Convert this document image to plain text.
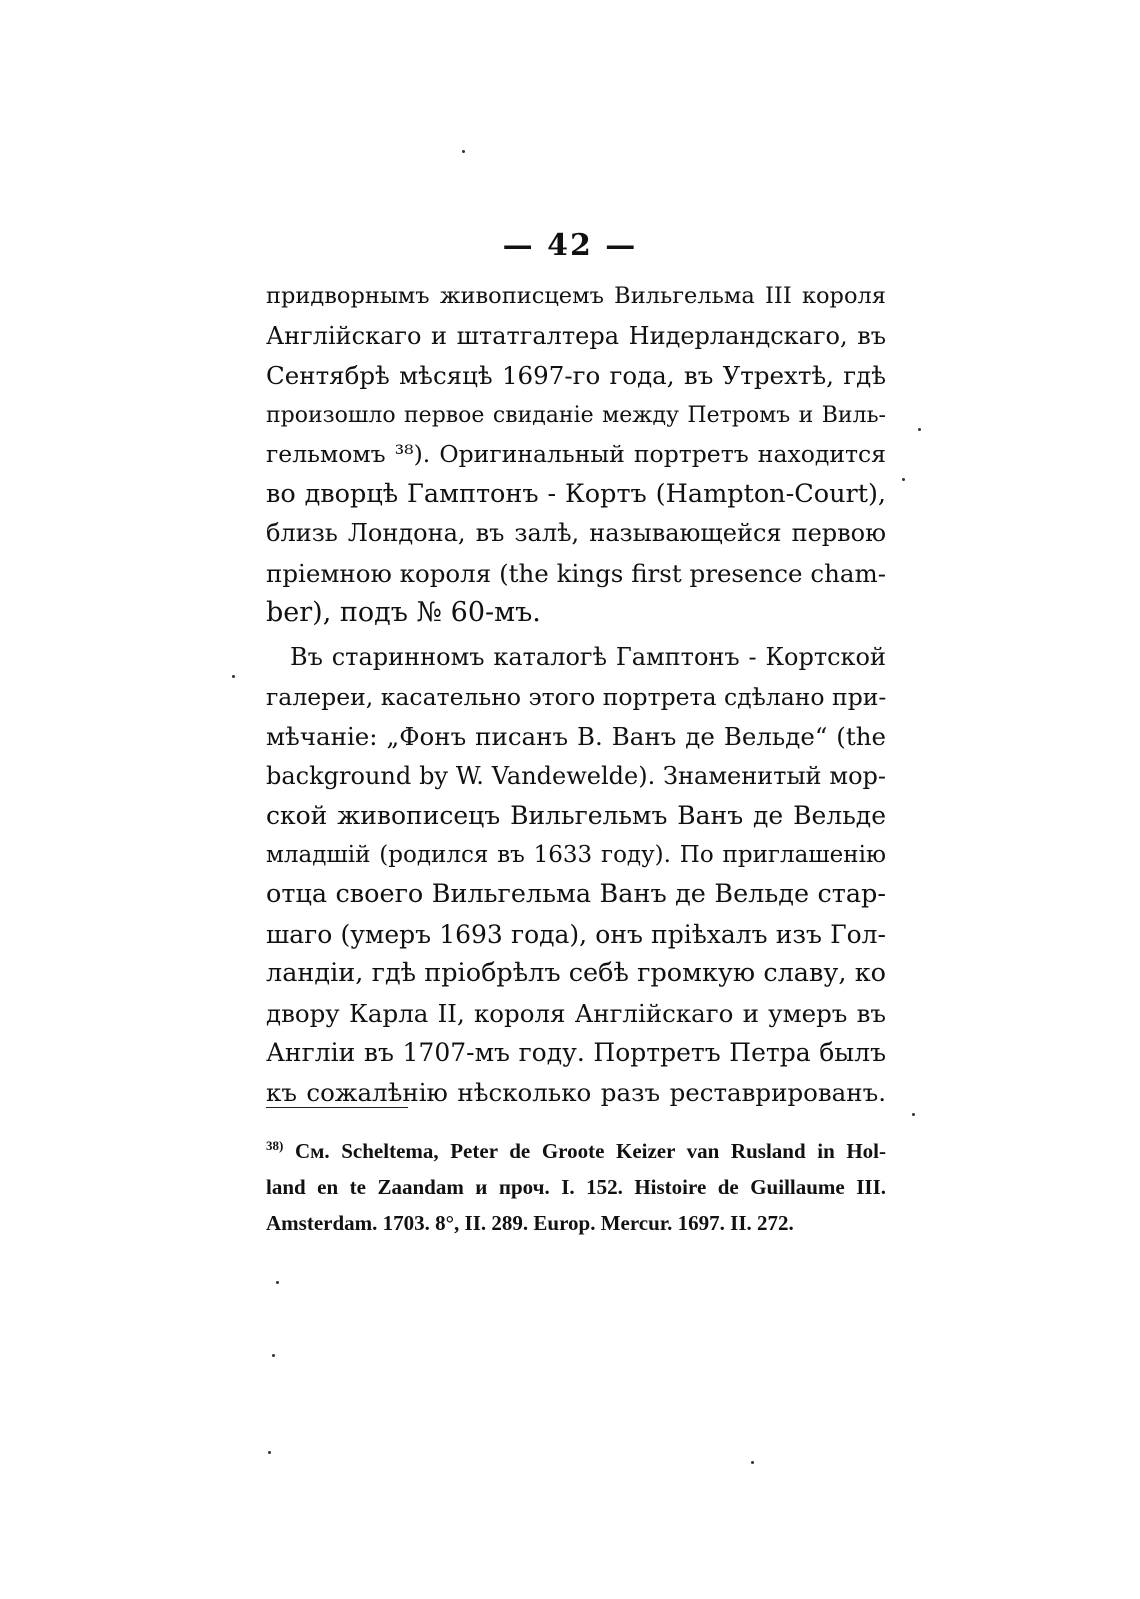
— 42 —
придворнымъ живописцемъ Вильгельма III короля
Англійскаго и штатгалтера Нидерландскаго, въ
Сентябрѣ мѣсяцѣ 1697-го года, въ Утрехтѣ, гдѣ
произошло первое свиданіе между Петромъ и Виль-
гельмомъ ³⁸). Оригинальный портретъ находится
во дворцѣ Гамптонъ - Кортъ (Hampton-Court),
близь Лондона, въ залѣ, называющейся первою
пріемною короля (the kings first presence cham-
ber), подъ № 60-мъ.
Въ старинномъ каталогѣ Гамптонъ - Кортской
галереи, касательно этого портрета сдѣлано при-
мѣчаніе: „Фонъ писанъ В. Ванъ де Вельде“ (the
background by W. Vandewelde). Знаменитый мор-
ской живописецъ Вильгельмъ Ванъ де Вельде
младшій (родился въ 1633 году). По приглашенію
отца своего Вильгельма Ванъ де Вельде стар-
шаго (умеръ 1693 года), онъ пріѣхалъ изъ Гол-
ландіи, гдѣ пріобрѣлъ себѣ громкую славу, ко
двору Карла II, короля Англійскаго и умеръ въ
Англіи въ 1707-мъ году. Портретъ Петра былъ
къ сожалѣнію нѣсколько разъ реставрированъ.
$^{38)}$ См. Scheltema, Peter de Groote Keizer van Rusland in Hol-
land en te Zaandam и проч. I. 152. Histoire de Guillaume III.
Amsterdam. 1703. 8°, II. 289. Europ. Mercur. 1697. II. 272.
